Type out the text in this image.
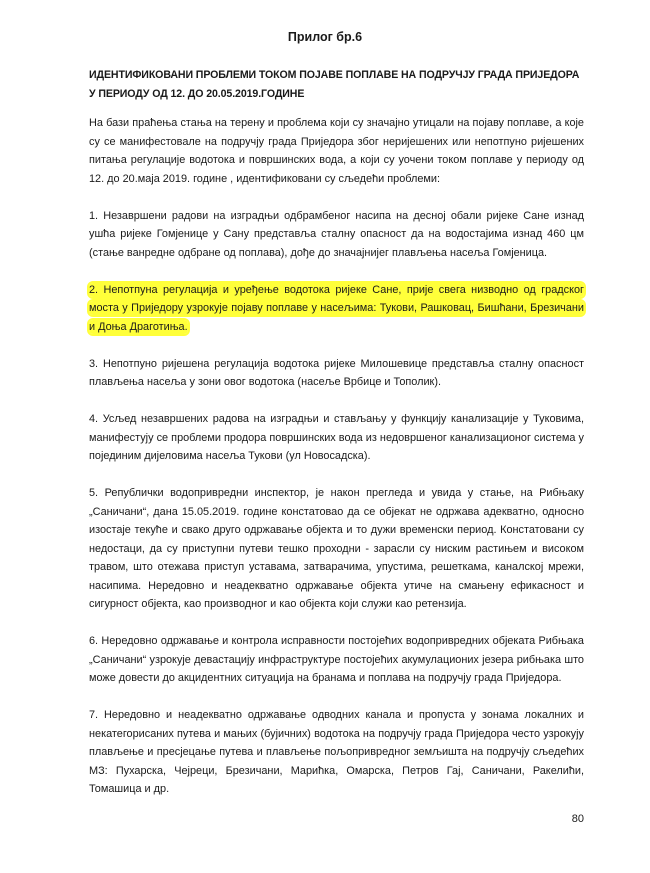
Прилог бр.6
ИДЕНТИФИКОВАНИ ПРОБЛЕМИ ТОКОМ ПОЈАВЕ ПОПЛАВЕ НА ПОДРУЧЈУ ГРАДА ПРИЈЕДОРА У ПЕРИОДУ ОД 12. ДО 20.05.2019.ГОДИНЕ

На бази праћења стања на терену и проблема који су значајно утицали на појаву поплаве, а које су се манифестовале на подручју града Приједора због неријешених или непотпуно ријешених питања регулације водотока и површинских вода, а који су уочени током поплаве у периоду од 12. до 20.маја 2019. године , идентификовани су сљедећи проблеми:

1. Незавршени радови на изградњи одбрамбеног насипа на десној обали ријеке Сане изнад ушћа ријеке Гомјенице у Сану представља сталну опасност да на водостајима изнад 460 цм (стање ванредне одбране од поплава), дође до значајнијег плављења насеља Гомјеница.

2. Непотпуна регулација и уређење водотока ријеке Сане, прије свега низводно од градског моста у Приједору узрокује појаву поплаве у насељима: Тукови, Рашковац, Бишћани, Брезичани и Доња Драготиња.

3. Непотпуно ријешена регулација водотока ријеке Милошевице представља сталну опасност плављења насеља у зони овог водотока (насеље Врбице и Тополик).

4. Усљед незавршених радова на изградњи и стављању у функцију канализације у Туковима, манифестују се проблеми продора површинских вода из недовршеног канализационог система у појединим дијеловима насеља Тукови (ул Новосадска).

5. Републички водопривредни инспектор, је након прегледа и увида у стање, на Рибњаку „Саничани“, дана 15.05.2019. године констатовао да се објекат не одржава адекватно, односно изостаје текуће и свако друго одржавање објекта и то дужи временски период. Констатовани су недостаци, да су приступни путеви тешко проходни - зарасли су ниским растињем и високом травом, што отежава приступ уставама, затварачима, упустима, решеткама, каналској мрежи, насипима. Нередовно и неадекватно одржавање објекта утиче на смањену ефикасност и сигурност објекта, као производног и као објекта који служи као ретензија.

6. Нередовно одржавање и контрола исправности постојећих водопривредних објеката Рибњака „Саничани“ узрокује девастацију инфраструктуре постојећих акумулационих језера рибњака што може довести до акцидентних ситуација на бранама и поплава на подручју града Приједора.

7. Нередовно и неадекватно одржавање одводних канала и пропуста у зонама локалних и некатегорисаних путева и мањих (бујичних) водотока на подручју града Приједора често узрокују плављење и пресјецање путева и плављење пољопривредног земљишта на подручју сљедећих МЗ: Пухарска, Чејреци, Брезичани, Марићка, Омарска, Петров Гај, Саничани, Ракелићи, Томашица и др.

80
